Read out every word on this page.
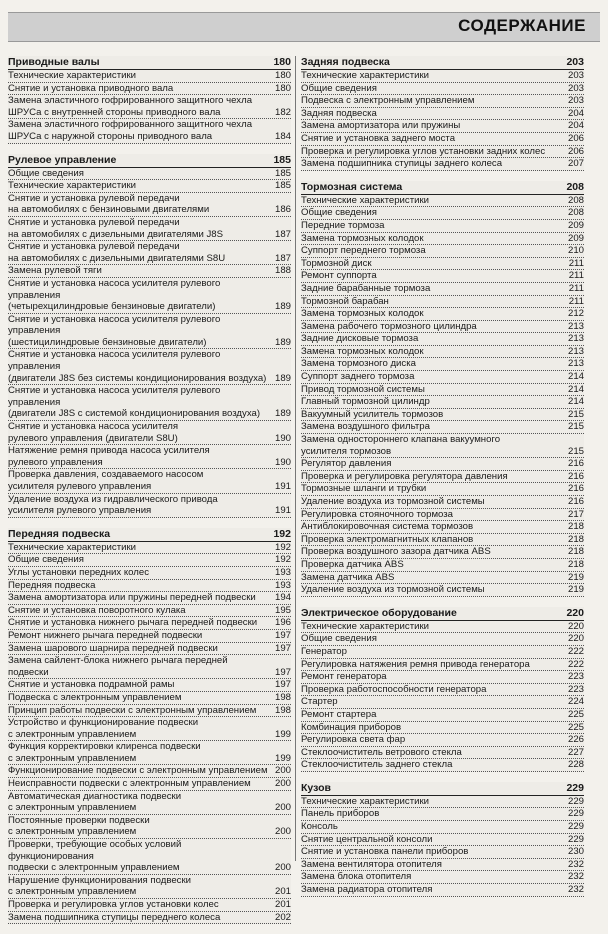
СОДЕРЖАНИЕ
Приводные валы	180
Технические характеристики	180
Снятие и установка приводного вала	180
Замена эластичного гофрированного защитного чехла
ШРУСа с внутренней стороны приводного вала	182
Замена эластичного гофрированного защитного чехла
ШРУСа с наружной стороны приводного вала	184
Рулевое управление	185
Общие сведения	185
Технические характеристики	185
Снятие и установка рулевой передачи
на автомобилях с бензиновыми двигателями	186
Снятие и установка рулевой передачи
на автомобилях с дизельными двигателями J8S	187
Снятие и установка рулевой передачи
на автомобилях с дизельными двигателями S8U	187
Замена рулевой тяги	188
Снятие и установка насоса усилителя рулевого управления
(четырехцилиндровые бензиновые двигатели)	189
Снятие и установка насоса усилителя рулевого управления
(шестицилиндровые бензиновые двигатели)	189
Снятие и установка насоса усилителя рулевого управления
(двигатели J8S без системы кондиционирования воздуха) 189
Снятие и установка насоса усилителя рулевого управления
(двигатели J8S с системой кондиционирования воздуха)	189
Снятие и установка насоса усилителя
рулевого управления (двигатели S8U)	190
Натяжение ремня привода насоса усилителя
рулевого управления	190
Проверка давления, создаваемого насосом
усилителя рулевого управления	191
Удаление воздуха из гидравлического привода
усилителя рулевого управления	191
Передняя подвеска	192
Технические характеристики	192
Общие сведения	192
Углы установки передних колес	193
Передняя подвеска	193
Замена амортизатора или пружины передней подвески	194
Снятие и установка поворотного кулака	195
Снятие и установка нижнего рычага передней подвески	196
Ремонт нижнего рычага передней подвески	197
Замена шарового шарнира передней подвески	197
Замена сайлент-блока нижнего рычага передней подвески	197
Снятие и установка подрамной рамы	197
Подвеска с электронным управлением	198
Принцип работы подвески с электронным управлением	198
Устройство и функционирование подвески
с электронным управлением	199
Функция корректировки клиренса подвески
с электронным управлением	199
Функционирование подвески с электронным управлением 200
Неисправности подвески с электронным управлением	200
Автоматическая диагностика подвески
с электронным управлением	200
Постоянные проверки подвески
с электронным управлением	200
Проверки, требующие особых условий функционирования
подвески с электронным управлением	200
Нарушение функционирования подвески
с электронным управлением	201
Проверка и регулировка углов установки колес	201
Замена подшипника ступицы переднего колеса	202
Задняя подвеска	203
Технические характеристики	203
Общие сведения	203
Подвеска с электронным управлением	203
Задняя подвеска	204
Замена амортизатора или пружины	204
Снятие и установка заднего моста	206
Проверка и регулировка углов установки задних колес	206
Замена подшипника ступицы заднего колеса	207
Тормозная система	208
Технические характеристики	208
Общие сведения	208
Передние тормоза	209
Замена тормозных колодок	209
Суппорт переднего тормоза	210
Тормозной диск	211
Ремонт суппорта	211
Задние барабанные тормоза	211
Тормозной барабан	211
Замена тормозных колодок	212
Замена рабочего тормозного цилиндра	213
Задние дисковые тормоза	213
Замена тормозных колодок	213
Замена тормозного диска	213
Суппорт заднего тормоза	214
Привод тормозной системы	214
Главный тормозной цилиндр	214
Вакуумный усилитель тормозов	215
Замена воздушного фильтра	215
Замена одностороннего клапана вакуумного
усилителя тормозов	215
Регулятор давления	216
Проверка и регулировка регулятора давления	216
Тормозные шланги и трубки	216
Удаление воздуха из тормозной системы	216
Регулировка стояночного тормоза	217
Антиблокировочная система тормозов	218
Проверка электромагнитных клапанов	218
Проверка воздушного зазора датчика ABS	218
Проверка датчика ABS	218
Замена датчика ABS	219
Удаление воздуха из тормозной системы	219
Электрическое оборудование	220
Технические характеристики	220
Общие сведения	220
Генератор	222
Регулировка натяжения ремня привода генератора	222
Ремонт генератора	223
Проверка работоспособности генератора	223
Стартер	224
Ремонт стартера	225
Комбинация приборов	225
Регулировка света фар	226
Стеклоочиститель ветрового стекла	227
Стеклоочиститель заднего стекла	228
Кузов	229
Технические характеристики	229
Панель приборов	229
Консоль	229
Снятие центральной консоли	229
Снятие и установка панели приборов	230
Замена вентилятора отопителя	232
Замена блока отопителя	232
Замена радиатора отопителя	232
